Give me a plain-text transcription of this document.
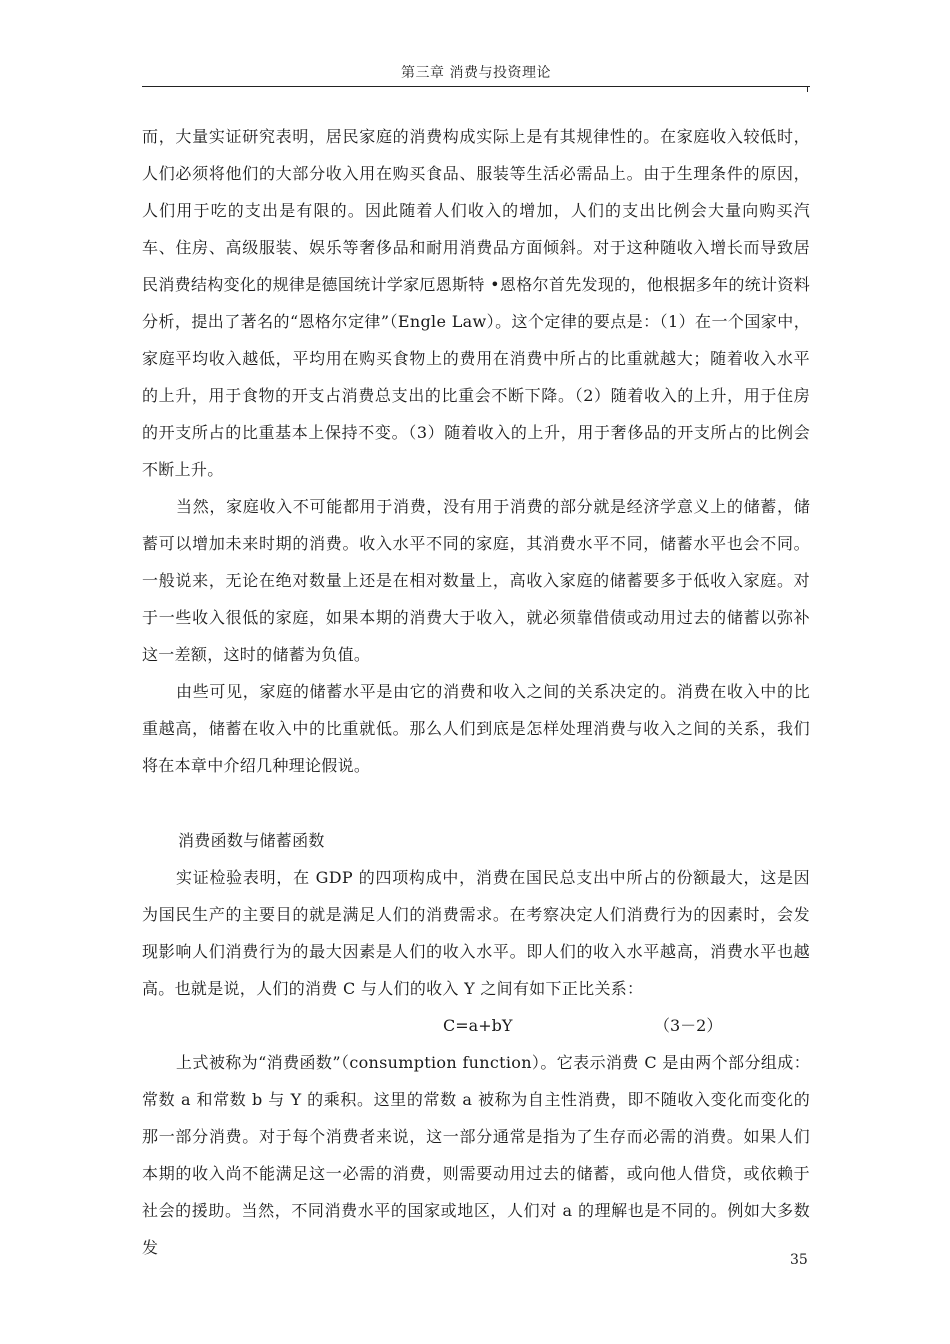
第三章 消费与投资理论

而，大量实证研究表明，居民家庭的消费构成实际上是有其规律性的。在家庭收入较低时，人们必须将他们的大部分收入用在购买食品、服装等生活必需品上。由于生理条件的原因，人们用于吃的支出是有限的。因此随着人们收入的增加，人们的支出比例会大量向购买汽车、住房、高级服装、娱乐等奢侈品和耐用消费品方面倾斜。对于这种随收入增长而导致居民消费结构变化的规律是德国统计学家厄恩斯特 •恩格尔首先发现的，他根据多年的统计资料分析，提出了著名的“恩格尔定律”（Engle Law）。这个定律的要点是：（1）在一个国家中，家庭平均收入越低，平均用在购买食物上的费用在消费中所占的比重就越大；随着收入水平的上升，用于食物的开支占消费总支出的比重会不断下降。（2）随着收入的上升，用于住房的开支所占的比重基本上保持不变。（3）随着收入的上升，用于奢侈品的开支所占的比例会不断上升。

当然，家庭收入不可能都用于消费，没有用于消费的部分就是经济学意义上的储蓄，储蓄可以增加未来时期的消费。收入水平不同的家庭，其消费水平不同，储蓄水平也会不同。一般说来，无论在绝对数量上还是在相对数量上，高收入家庭的储蓄要多于低收入家庭。对于一些收入很低的家庭，如果本期的消费大于收入，就必须靠借债或动用过去的储蓄以弥补这一差额，这时的储蓄为负值。

由些可见，家庭的储蓄水平是由它的消费和收入之间的关系决定的。消费在收入中的比重越高，储蓄在收入中的比重就低。那么人们到底是怎样处理消费与收入之间的关系，我们将在本章中介绍几种理论假说。

消费函数与储蓄函数

实证检验表明，在 GDP 的四项构成中，消费在国民总支出中所占的份额最大，这是因为国民生产的主要目的就是满足人们的消费需求。在考察决定人们消费行为的因素时，会发现影响人们消费行为的最大因素是人们的收入水平。即人们的收入水平越高，消费水平也越高。也就是说，人们的消费 C 与人们的收入 Y 之间有如下正比关系：

C=a+bY	（3－2）

上式被称为“消费函数”（consumption function）。它表示消费 C 是由两个部分组成：常数 a 和常数 b 与 Y 的乘积。这里的常数 a 被称为自主性消费，即不随收入变化而变化的那一部分消费。对于每个消费者来说，这一部分通常是指为了生存而必需的消费。如果人们本期的收入尚不能满足这一必需的消费，则需要动用过去的储蓄，或向他人借贷，或依赖于社会的援助。当然，不同消费水平的国家或地区，人们对 a 的理解也是不同的。例如大多数发

35
